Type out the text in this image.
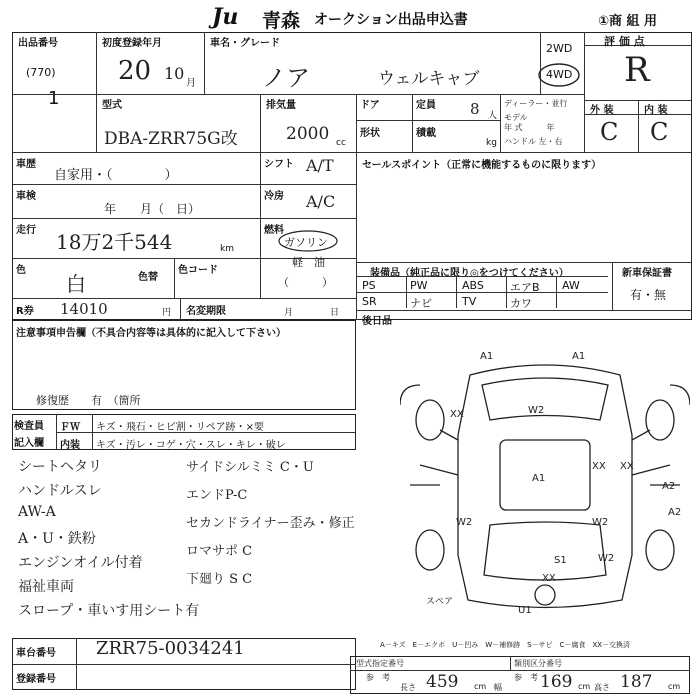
Ju 青森 オークション出品申込書	①商 組 用
出品番号
(770)
1
初度登録年月
20 10
月
車名・グレード
ノア	ウェルキャブ
2WD
4WD
評 価 点
R
型式
DBA-ZRR75G改
排気量
2000 cc
ドア	定員 8 人
形状	積載
kg
ディーラー・並行
モデル
年 式　　　年
ハンドル 左・右
外 装	内 装
C C
車歴
自家用・（　　　　）
シフト A/T
車検
年　　月（　日）
冷房 A/C
走行 18万2千544	km
燃料
ガソリン
軽　油
（　　　）
色
白	色替
色コード
セールスポイント（正常に機能するものに限ります）
装備品（純正品に限り◎をつけてください）	新車保証書
有・無
R券 14010	円 名変期限	月	日
後日品
注意事項申告欄（不具合内容等は具体的に記入して下さい）
修復歴　　有　（箇所
検査員
記入欄
ＦＷ キズ・飛石・ヒビ割・リペア跡・×要
内装 キズ・汚レ・コゲ・穴・スレ・キレ・破レ
A1	A1
W2
XX
XX XX
A1
A2
A2
W2	W2
W2
S1
XX
U1
スペア
A－キズ　E－エクボ　U－凹み　W－補修跡　S－サビ　C－腐食　XX－交換済
車台番号 ZRR75-0034241
登録番号
型式指定番号	類別区分番号
参　考	参　考
長さ 459 cm 幅 169 cm 高さ 187 cm
PS	PW	ABS エアB AW
SR	ナビ	TV	カワ
シートヘタリ
ハンドルスレ
AW-A
A・U・鉄粉
エンジンオイル付着
福祉車両
スロープ・車いす用シート有
サイドシルミミ C・U
エンドP-C
セカンドライナー歪み・修正
ロマサポ C
下廻り S C
